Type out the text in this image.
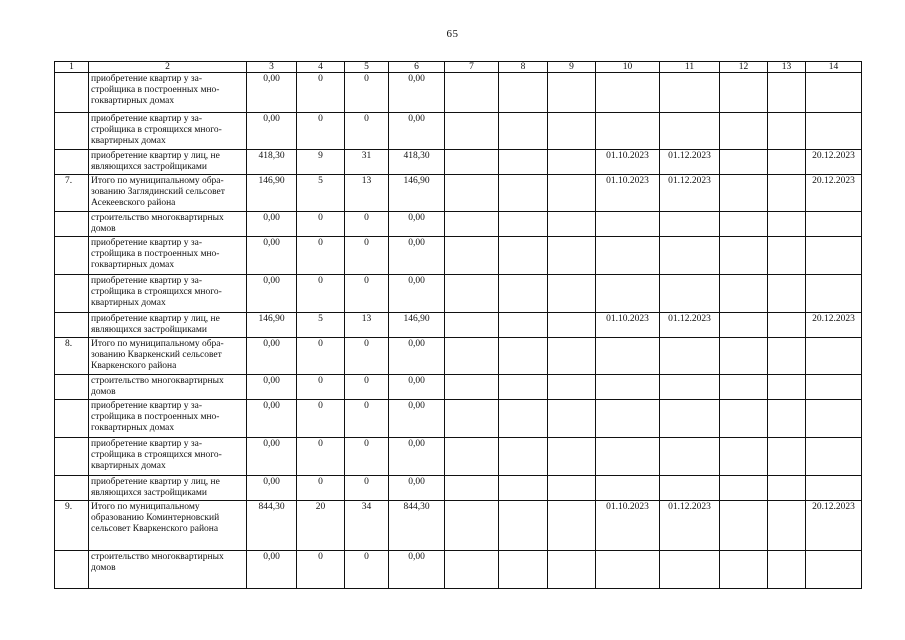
65
1	2	3	4	5	6	7	8	9	10	11	12	13	14
	приобретение квартир у за-стройщика в построенных мно-гоквартирных домах	0,00	0	0	0,00								
	приобретение квартир у за-стройщика в строящихся много-квартирных домах	0,00	0	0	0,00								
	приобретение квартир у лиц, не являющихся застройщиками	418,30	9	31	418,30				01.10.2023	01.12.2023			20.12.2023
7.	Итого по муниципальному обра-зованию Заглядинский сельсовет Асекеевского района	146,90	5	13	146,90				01.10.2023	01.12.2023			20.12.2023
	строительство многоквартирных домов	0,00	0	0	0,00								
	приобретение квартир у за-стройщика в построенных мно-гоквартирных домах	0,00	0	0	0,00								
	приобретение квартир у за-стройщика в строящихся много-квартирных домах	0,00	0	0	0,00								
	приобретение квартир у лиц, не являющихся застройщиками	146,90	5	13	146,90				01.10.2023	01.12.2023			20.12.2023
8.	Итого по муниципальному обра-зованию Кваркенский сельсовет Кваркенского района	0,00	0	0	0,00								
	строительство многоквартирных домов	0,00	0	0	0,00								
	приобретение квартир у за-стройщика в построенных мно-гоквартирных домах	0,00	0	0	0,00								
	приобретение квартир у за-стройщика в строящихся много-квартирных домах	0,00	0	0	0,00								
	приобретение квартир у лиц, не являющихся застройщиками	0,00	0	0	0,00								
9.	Итого по муниципальному образованию Коминтерновский сельсовет Кваркенского района	844,30	20	34	844,30				01.10.2023	01.12.2023			20.12.2023
	строительство многоквартирных домов	0,00	0	0	0,00								
